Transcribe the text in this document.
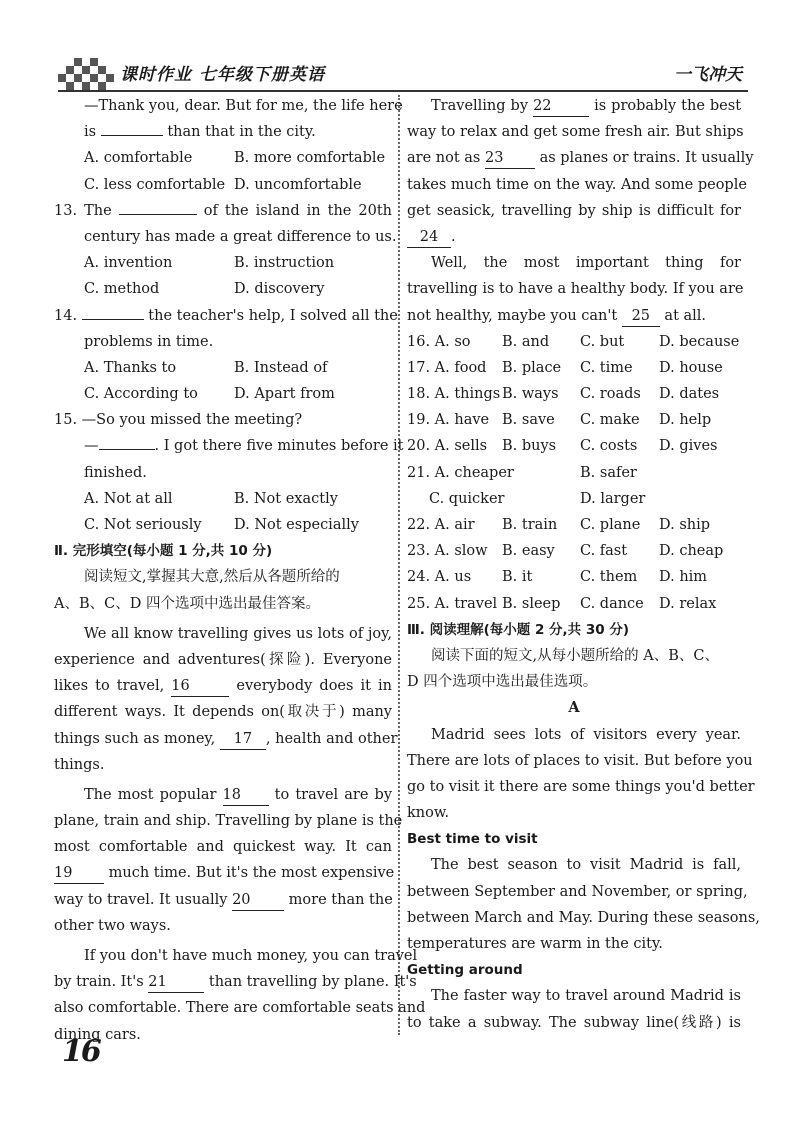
课时作业 七年级下册英语	一飞冲天
—Thank you, dear. But for me, the life here
is	than that in the city.
A. comfortable	B. more comfortable
C. less comfortable D. uncomfortable
13. The	of the island in the 20th
century has made a great difference to us.
A. invention	B. instruction
C. method	D. discovery
14.	the teacher's help, I solved all the
problems in time.
A. Thanks to	B. Instead of
C. According to D. Apart from
15. —So you missed the meeting?
—	. I got there five minutes before it
finished.
A. Not at all	B. Not exactly
C. Not seriously D. Not especially
Ⅱ. 完形填空(每小题 1 分,共 10 分)
阅读短文,掌握其大意,然后从各题所给的
A、B、C、D 四个选项中选出最佳答案。
We all know travelling gives us lots of joy,
experience and adventures(探险). Everyone
likes to travel, 16	everybody does it in
different ways. It depends on(取决于) many
things such as money, 17 , health and other
things.
The most popular 18 to travel are by
plane, train and ship. Travelling by plane is the
most comfortable and quickest way. It can
19 much time. But it's the most expensive
way to travel. It usually 20	more than the
other two ways.
If you don't have much money, you can travel
by train. It's 21	than travelling by plane. It's
also comfortable. There are comfortable seats and
dining cars.
Travelling by 22	is probably the best
way to relax and get some fresh air. But ships
are not as 23 as planes or trains. It usually
takes much time on the way. And some people
get seasick, travelling by ship is difficult for
24 .
Well, the most important thing for
travelling is to have a healthy body. If you are
not healthy, maybe you can't 25 at all.
16. A. so B. and C. but D. because
17. A. food B. place C. time D. house
18. A. things B. ways C. roads D. dates
19. A. have B. save C. make D. help
20. A. sells B. buys C. costs D. gives
21. A. cheaper	B. safer
C. quicker	D. larger
22. A. air B. train C. plane D. ship
23. A. slow B. easy C. fast D. cheap
24. A. us B. it	C. them D. him
25. A. travel B. sleep C. dance D. relax
Ⅲ. 阅读理解(每小题 2 分,共 30 分)
阅读下面的短文,从每小题所给的 A、B、C、
D 四个选项中选出最佳选项。
A
Madrid sees lots of visitors every year.
There are lots of places to visit. But before you
go to visit it there are some things you'd better
know.
Best time to visit
The best season to visit Madrid is fall,
between September and November, or spring,
between March and May. During these seasons,
temperatures are warm in the city.
Getting around
The faster way to travel around Madrid is
to take a subway. The subway line(线路) is
16
